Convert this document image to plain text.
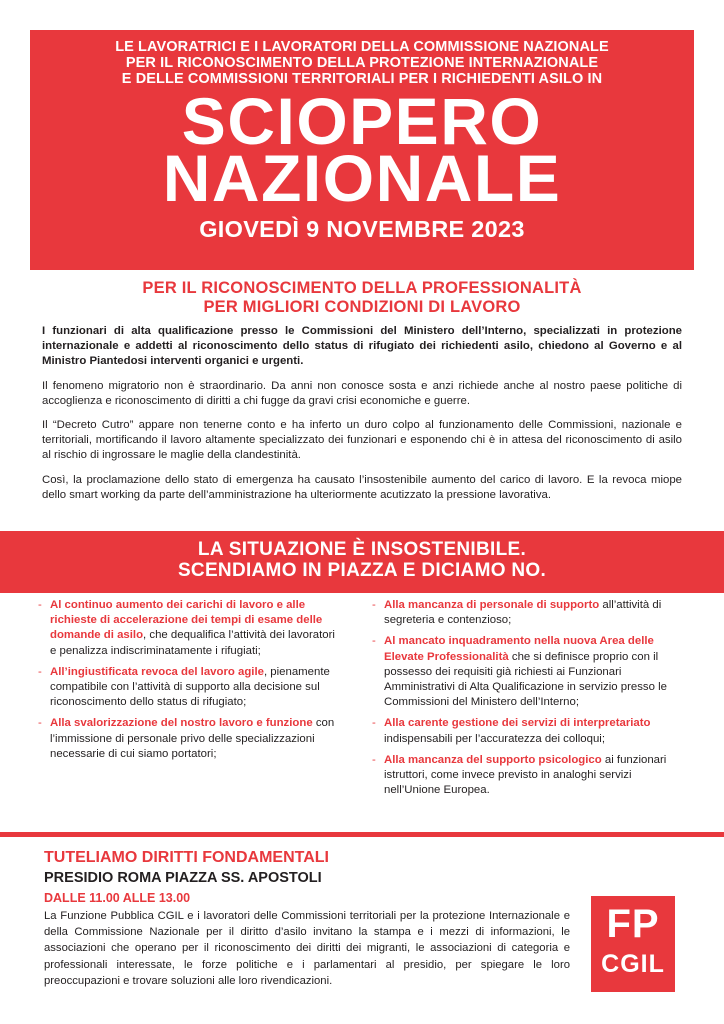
LE LAVORATRICI E I LAVORATORI DELLA COMMISSIONE NAZIONALE
PER IL RICONOSCIMENTO DELLA PROTEZIONE INTERNAZIONALE
E DELLE COMMISSIONI TERRITORIALI PER I RICHIEDENTI ASILO IN
SCIOPERO
NAZIONALE
GIOVEDÌ 9 NOVEMBRE 2023
PER IL RICONOSCIMENTO DELLA PROFESSIONALITÀ
PER MIGLIORI CONDIZIONI DI LAVORO

I funzionari di alta qualificazione presso le Commissioni del Ministero dell’Interno, specializzati in protezione internazionale e addetti al riconoscimento dello status di rifugiato dei richiedenti asilo, chiedono al Governo e al Ministro Piantedosi interventi organici e urgenti.

Il fenomeno migratorio non è straordinario. Da anni non conosce sosta e anzi richiede anche al nostro paese politiche di accoglienza e riconoscimento di diritti a chi fugge da gravi crisi economiche e guerre.

Il “Decreto Cutro” appare non tenerne conto e ha inferto un duro colpo al funzionamento delle Commissioni, nazionale e territoriali, mortificando il lavoro altamente specializzato dei funzionari e esponendo chi è in attesa del riconoscimento di asilo al rischio di ingrossare le maglie della clandestinità.

Così, la proclamazione dello stato di emergenza ha causato l’insostenibile aumento del carico di lavoro. E la revoca miope dello smart working da parte dell’amministrazione ha ulteriormente acutizzato la pressione lavorativa.

LA SITUAZIONE È INSOSTENIBILE.
SCENDIAMO IN PIAZZA E DICIAMO NO.
- Al continuo aumento dei carichi di lavoro e alle richieste di accelerazione dei tempi di esame delle domande di asilo, che dequalifica l’attività dei lavoratori e penalizza indiscriminatamente i rifugiati;
- All’ingiustificata revoca del lavoro agile, pienamente compatibile con l’attività di supporto alla decisione sul riconoscimento dello status di rifugiato;
- Alla svalorizzazione del nostro lavoro e funzione con l’immissione di personale privo delle specializzazioni necessarie di cui siamo portatori;
- Alla mancanza di personale di supporto all’attività di segreteria e contenzioso;
- Al mancato inquadramento nella nuova Area delle Elevate Professionalità che si definisce proprio con il possesso dei requisiti già richiesti ai Funzionari Amministrativi di Alta Qualificazione in servizio presso le Commissioni del Ministero dell’Interno;
- Alla carente gestione dei servizi di interpretariato indispensabili per l’accuratezza dei colloqui;
- Alla mancanza del supporto psicologico ai funzionari istruttori, come invece previsto in analoghi servizi nell’Unione Europea.
TUTELIAMO DIRITTI FONDAMENTALI
PRESIDIO ROMA PIAZZA SS. APOSTOLI
DALLE 11.00 ALLE 13.00
La Funzione Pubblica CGIL e i lavoratori delle Commissioni territoriali per la protezione Internazionale e della Commissione Nazionale per il diritto d’asilo invitano la stampa e i mezzi di informazioni, le associazioni che operano per il riconoscimento dei diritti dei migranti, le associazioni di categoria e professionali interessate, le forze politiche e i parlamentari al presidio, per spiegare le loro preoccupazioni e trovare soluzioni alle loro rivendicazioni.
FP
CGIL
